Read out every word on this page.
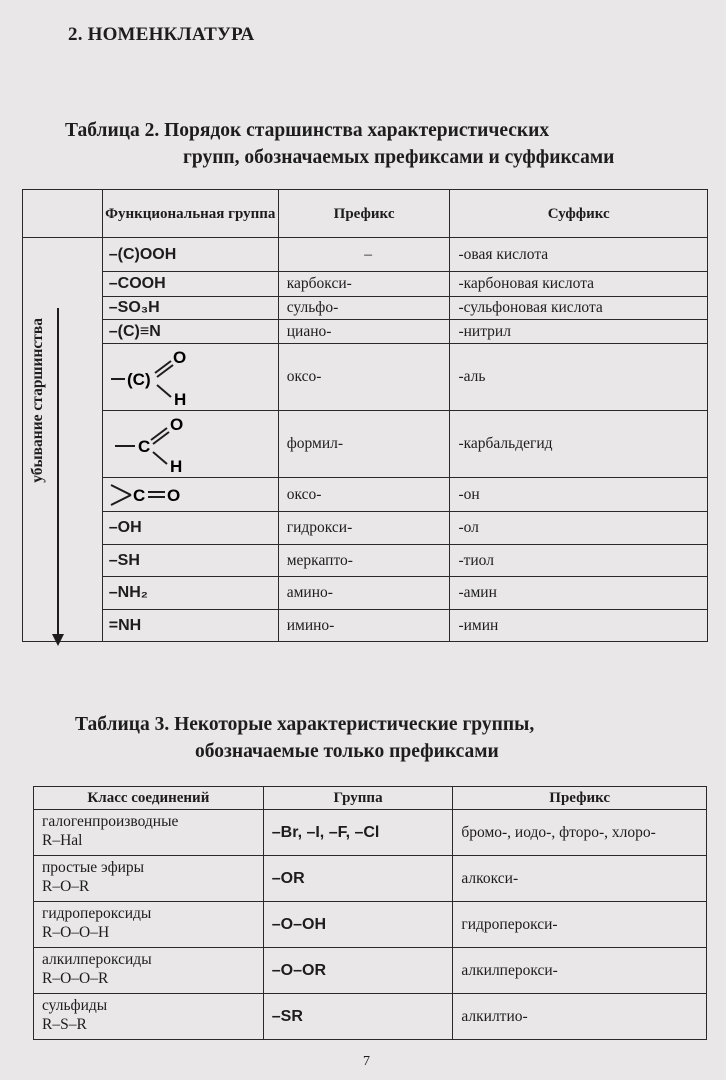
2. НОМЕНКЛАТУРА
Таблица 2. Порядок старшинства характеристических
групп, обозначаемых префиксами и суффиксами
	Функциональная группа	Префикс	Суффикс

убывание старшинства	–(C)OOH	–	-овая кислота
	–COOH	карбокси-	-карбоновая кислота
	–SO₃H	сульфо-	-сульфоновая кислота
	–(C)≡N	циано-	-нитрил

(C)
O
H	оксо-	-аль

C
O
H	формил-	-карбальдегид

C O	оксо-	-он
	–OH	гидрокси-	-ол
	–SH	меркапто-	-тиол
	–NH₂	амино-	-амин
	=NH	имино-	-имин
Таблица 3. Некоторые характеристические группы,
обозначаемые только префиксами
Класс соединений	Группа	Префикс

галогенпроизводные
R–Hal	–Br, –I, –F, –Cl	бромо-, иодо-, фторо-, хлоро-

простые эфиры
R–O–R	–OR	алкокси-

гидропероксиды
R–O–O–H	–O–OH	гидроперокси-

алкилпероксиды
R–O–O–R	–O–OR	алкилперокси-

сульфиды
R–S–R	–SR	алкилтио-
7
